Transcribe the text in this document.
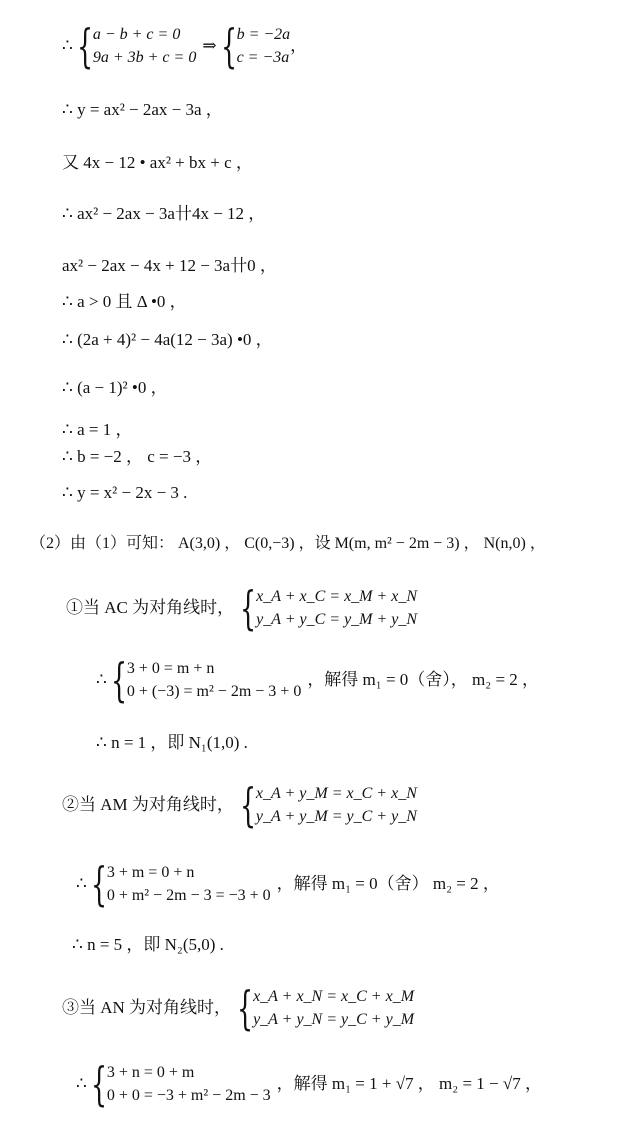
∴ { a − b + c = 0
9a + 3b + c = 0
⇒ { b = −2a
c = −3a
，
∴ y = ax² − 2ax − 3a ，
又 4x − 12 • ax² + bx + c ，
∴ ax² − 2ax − 3a卄4x − 12 ，
ax² − 2ax − 4x + 12 − 3a卄0 ，
∴ a > 0 且 Δ •0 ，
∴ (2a + 4)² − 4a(12 − 3a) •0 ，
∴ (a − 1)² •0 ，
∴ a = 1 ，
∴ b = −2 ， c = −3 ，
∴ y = x² − 2x − 3 .
（2）由（1）可知： A(3,0) ， C(0,−3) ，设 M(m, m² − 2m − 3) ， N(n,0) ，
①当 AC 为对角线时， { x_A + x_C = x_M + x_N
y_A + y_C = y_M + y_N
∴ { 3 + 0 = m + n
0 + (−3) = m² − 2m − 3 + 0
，解得 m₁ = 0（舍）， m₂ = 2 ，
∴ n = 1 ，即 N₁(1,0) .
②当 AM 为对角线时， { x_A + y_M = x_C + x_N
y_A + y_M = y_C + y_N
∴ { 3 + m = 0 + n
0 + m² − 2m − 3 = −3 + 0
，解得 m₁ = 0（舍） m₂ = 2 ，
∴ n = 5 ，即 N₂(5,0) .
③当 AN 为对角线时， { x_A + x_N = x_C + x_M
y_A + y_N = y_C + y_M
∴ { 3 + n = 0 + m
0 + 0 = −3 + m² − 2m − 3
，解得 m₁ = 1 + √7 ， m₂ = 1 − √7 ，
